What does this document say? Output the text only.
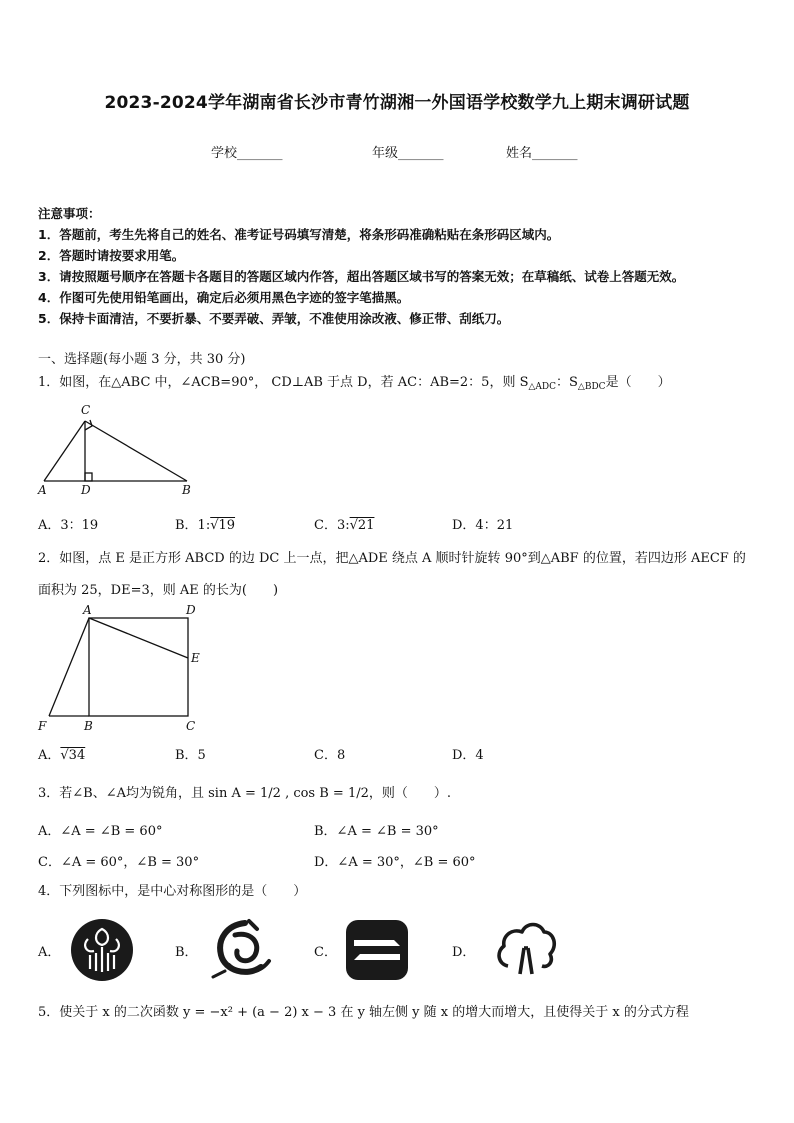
2023-2024学年湖南省长沙市青竹湖湘一外国语学校数学九上期末调研试题
学校_______	年级_______	姓名_______
注意事项：
1．答题前，考生先将自己的姓名、准考证号码填写清楚，将条形码准确粘贴在条形码区域内。
2．答题时请按要求用笔。
3．请按照题号顺序在答题卡各题目的答题区域内作答，超出答题区域书写的答案无效；在草稿纸、试卷上答题无效。
4．作图可先使用铅笔画出，确定后必须用黑色字迹的签字笔描黑。
5．保持卡面清洁，不要折暴、不要弄破、弄皱，不准使用涂改液、修正带、刮纸刀。
一、选择题(每小题 3 分，共 30 分)
1．如图，在△ABC 中，∠ACB=90°， CD⊥AB 于点 D，若 AC：AB=2：5，则 $S_{\triangle ADC}$：$S_{\triangle BDC}$是（　　）
C
A	D	B
A．3：19	B．1:√19	C．3:√21	D．4：21
2．如图，点 E 是正方形 ABCD 的边 DC 上一点，把△ADE 绕点 A 顺时针旋转 90°到△ABF 的位置，若四边形 AECF 的
面积为 25，DE=3，则 AE 的长为(　　)
A	D
E
F	B	C
A．√34	B．5	C．8	D．4
3．若∠B、∠A均为锐角，且 sin A = 1/2 , cos B = 1/2，则（　　）.
A．∠A = ∠B = 60°	B．∠A = ∠B = 30°
C．∠A = 60°，∠B = 30°	D．∠A = 30°，∠B = 60°
4．下列图标中，是中心对称图形的是（　　）
A．	B．	C．	D．
5．使关于 x 的二次函数 y = −x² + (a − 2) x − 3 在 y 轴左侧 y 随 x 的增大而增大，且使得关于 x 的分式方程
